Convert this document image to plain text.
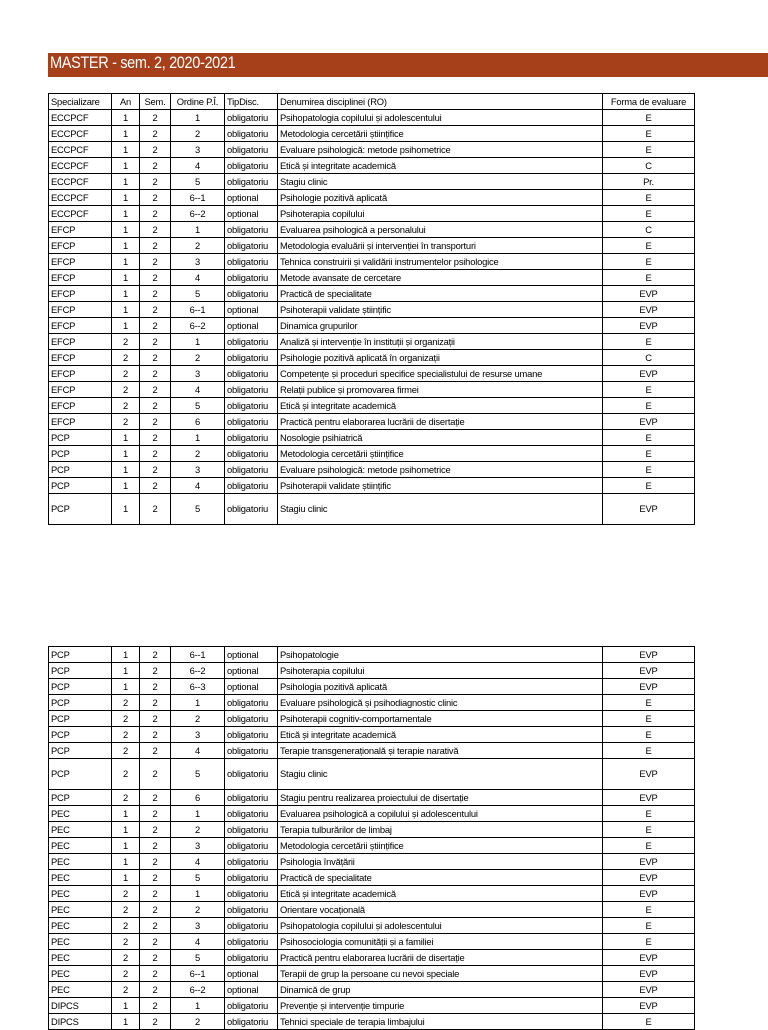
MASTER - sem. 2, 2020-2021
Specializare	An	Sem.	Ordine P.Î.	TipDisc.	Denumirea disciplinei (RO)	Forma de evaluare
ECCPCF	1	2	1	obligatoriu	Psihopatologia copilului și adolescentului	E
ECCPCF	1	2	2	obligatoriu	Metodologia cercetării științifice	E
ECCPCF	1	2	3	obligatoriu	Evaluare psihologică: metode psihometrice	E
ECCPCF	1	2	4	obligatoriu	Etică și integritate academică	C
ECCPCF	1	2	5	obligatoriu	Stagiu clinic	Pr.
ECCPCF	1	2	6--1	optional	Psihologie pozitivă aplicată	E
ECCPCF	1	2	6--2	optional	Psihoterapia copilului	E
EFCP	1	2	1	obligatoriu	Evaluarea psihologică a personalului	C
EFCP	1	2	2	obligatoriu	Metodologia evaluării și intervenției în transporturi	E
EFCP	1	2	3	obligatoriu	Tehnica construirii și validării instrumentelor psihologice	E
EFCP	1	2	4	obligatoriu	Metode avansate de cercetare	E
EFCP	1	2	5	obligatoriu	Practică de specialitate	EVP
EFCP	1	2	6--1	optional	Psihoterapii validate științific	EVP
EFCP	1	2	6--2	optional	Dinamica grupurilor	EVP
EFCP	2	2	1	obligatoriu	Analiză și intervenție în instituții și organizații	E
EFCP	2	2	2	obligatoriu	Psihologie pozitivă aplicată în organizații	C
EFCP	2	2	3	obligatoriu	Competențe și proceduri specifice specialistului de resurse umane	EVP
EFCP	2	2	4	obligatoriu	Relații publice și promovarea firmei	E
EFCP	2	2	5	obligatoriu	Etică și integritate academică	E
EFCP	2	2	6	obligatoriu	Practică pentru elaborarea lucrării de disertație	EVP
PCP	1	2	1	obligatoriu	Nosologie psihiatrică	E
PCP	1	2	2	obligatoriu	Metodologia cercetării științifice	E
PCP	1	2	3	obligatoriu	Evaluare psihologică: metode psihometrice	E
PCP	1	2	4	obligatoriu	Psihoterapii validate științific	E
PCP	1	2	5	obligatoriu	Stagiu clinic	EVP
PCP	1	2	6--1	optional	Psihopatologie	EVP
PCP	1	2	6--2	optional	Psihoterapia copilului	EVP
PCP	1	2	6--3	optional	Psihologia pozitivă aplicată	EVP
PCP	2	2	1	obligatoriu	Evaluare psihologică și psihodiagnostic clinic	E
PCP	2	2	2	obligatoriu	Psihoterapii cognitiv-comportamentale	E
PCP	2	2	3	obligatoriu	Etică și integritate academică	E
PCP	2	2	4	obligatoriu	Terapie transgenerațională și terapie narativă	E
PCP	2	2	5	obligatoriu	Stagiu clinic	EVP
PCP	2	2	6	obligatoriu	Stagiu pentru realizarea proiectului de disertație	EVP
PEC	1	2	1	obligatoriu	Evaluarea psihologică a copilului și adolescentului	E
PEC	1	2	2	obligatoriu	Terapia tulburărilor de limbaj	E
PEC	1	2	3	obligatoriu	Metodologia cercetării științifice	E
PEC	1	2	4	obligatoriu	Psihologia învățării	EVP
PEC	1	2	5	obligatoriu	Practică de specialitate	EVP
PEC	2	2	1	obligatoriu	Etică și integritate academică	EVP
PEC	2	2	2	obligatoriu	Orientare vocațională	E
PEC	2	2	3	obligatoriu	Psihopatologia copilului și adolescentului	E
PEC	2	2	4	obligatoriu	Psihosociologia comunității și a familiei	E
PEC	2	2	5	obligatoriu	Practică pentru elaborarea lucrării de disertație	EVP
PEC	2	2	6--1	optional	Terapii de grup la persoane cu nevoi speciale	EVP
PEC	2	2	6--2	optional	Dinamică de grup	EVP
DIPCS	1	2	1	obligatoriu	Prevenție și intervenție timpurie	EVP
DIPCS	1	2	2	obligatoriu	Tehnici speciale de terapia limbajului	E
